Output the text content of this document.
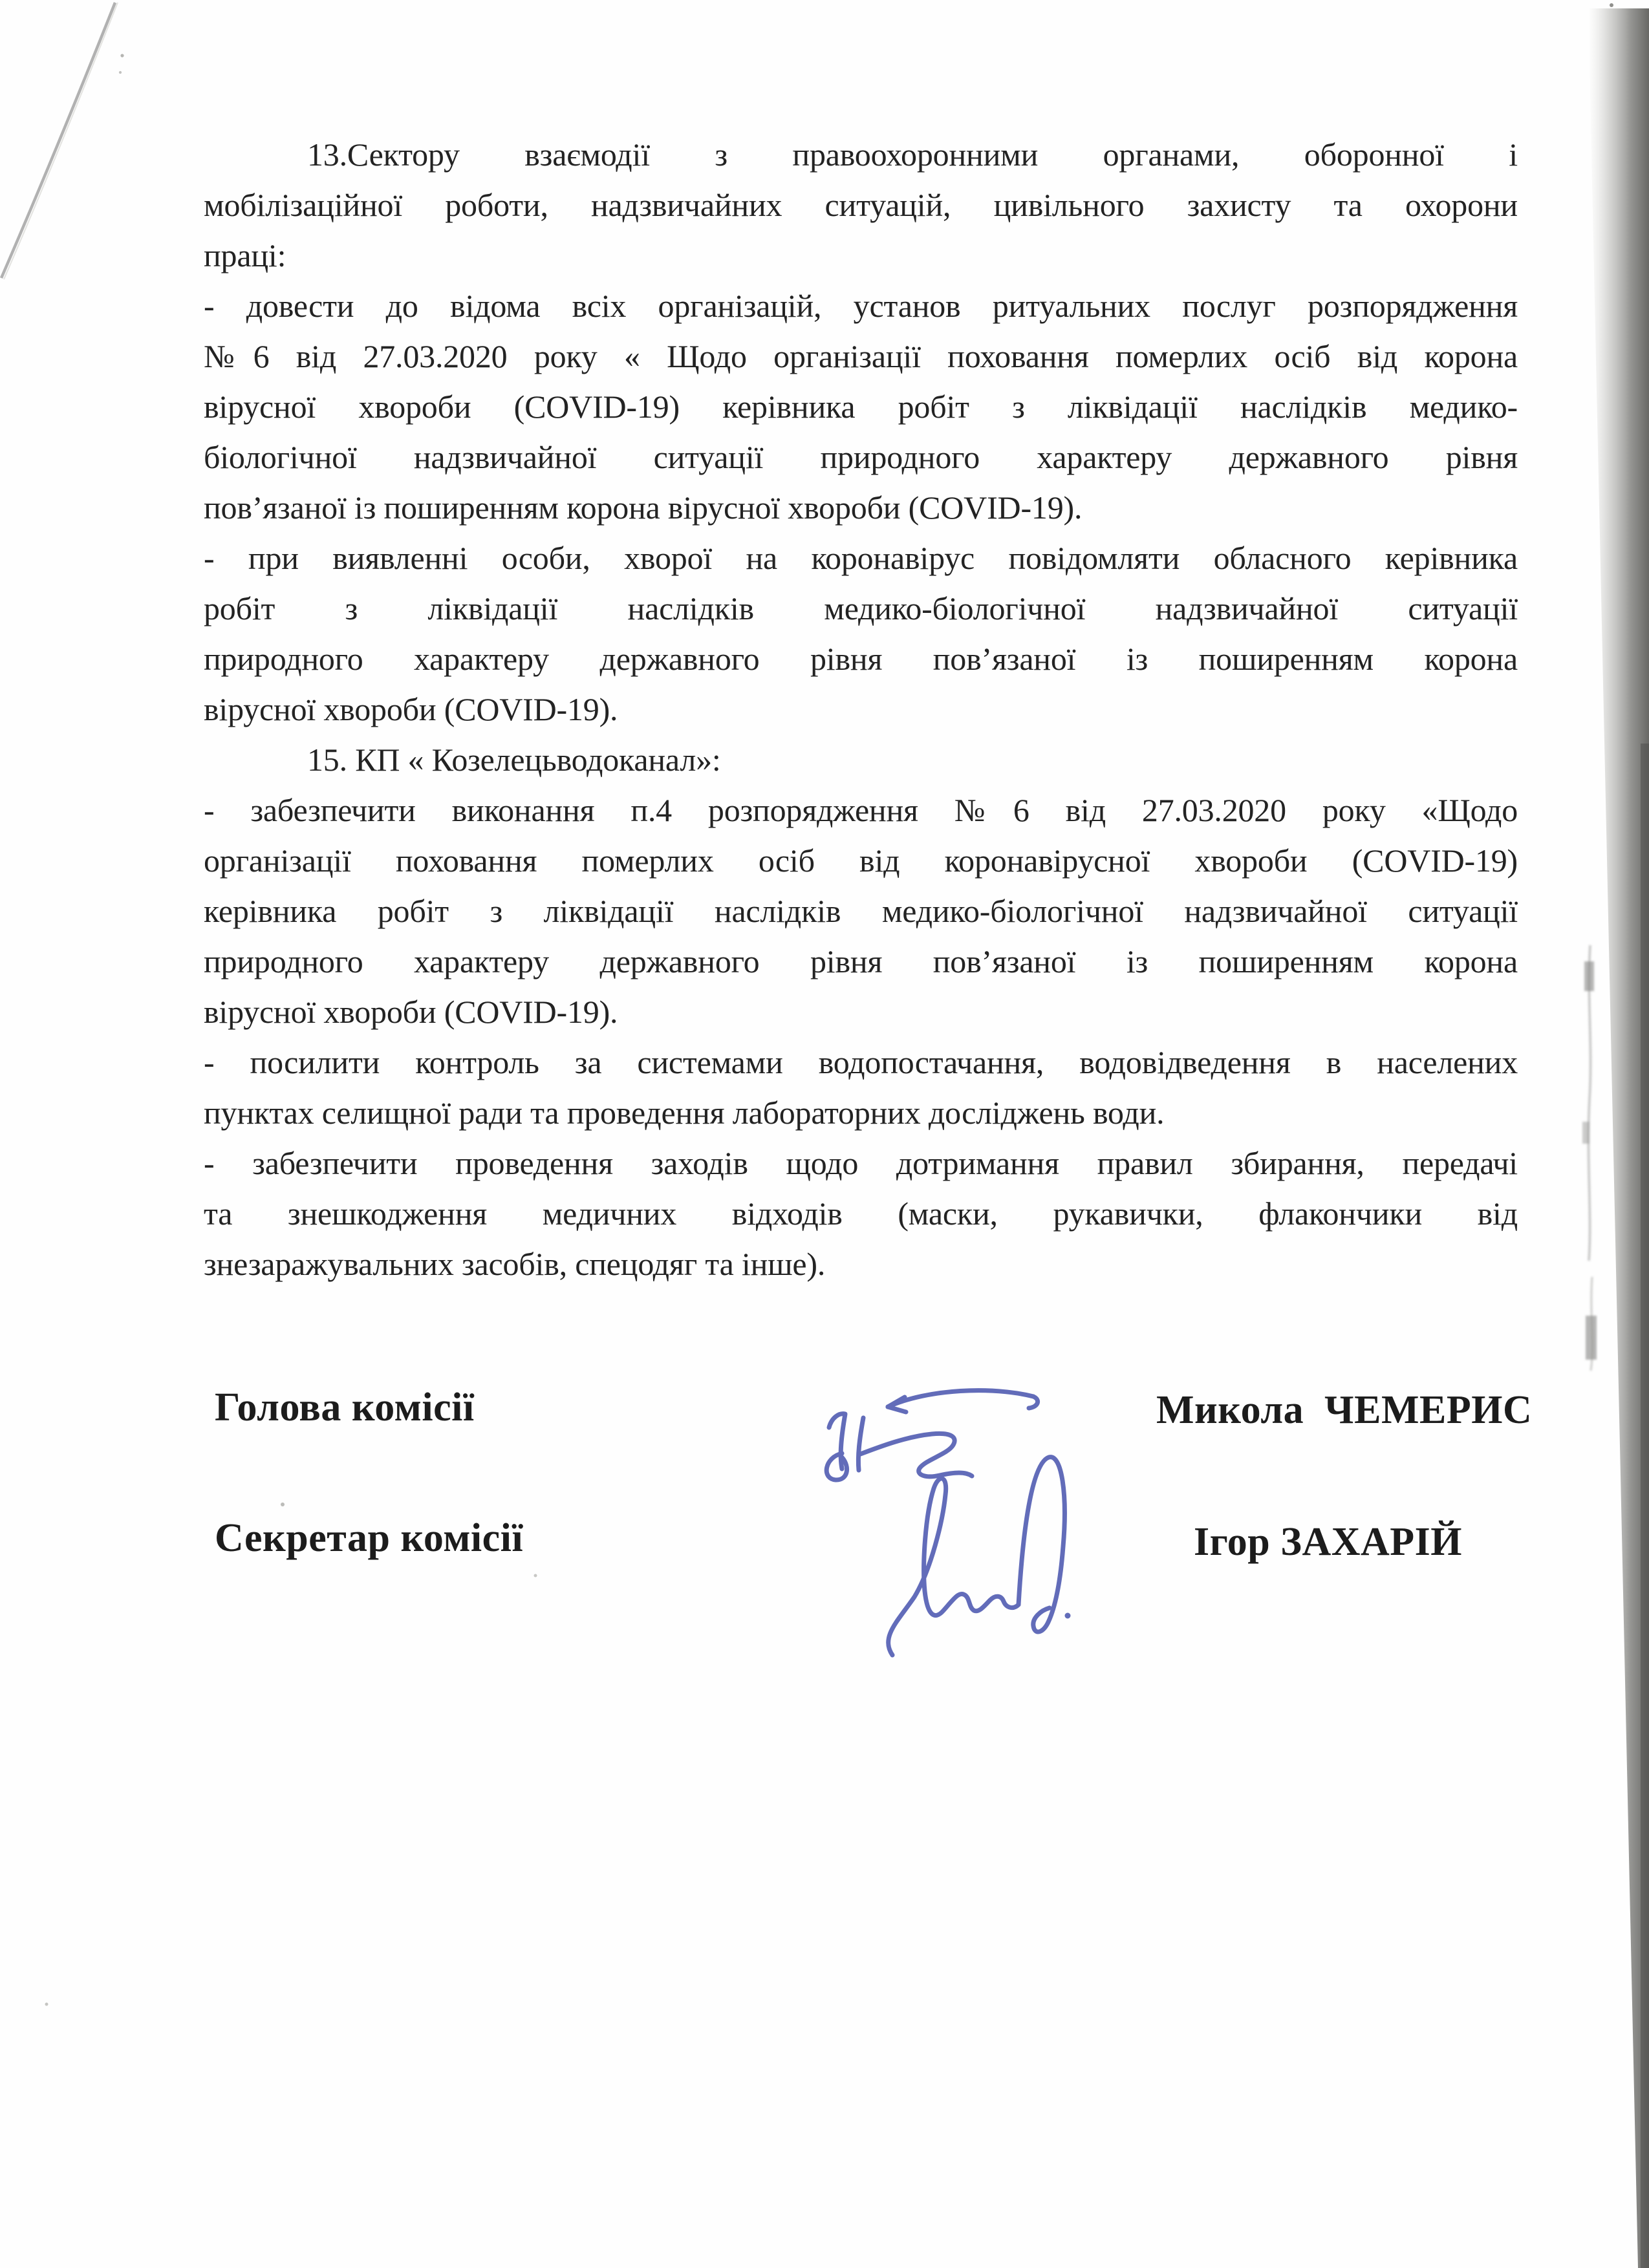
13.Сектору взаємодії з правоохоронними органами, оборонної і
мобілізаційної роботи, надзвичайних ситуацій, цивільного захисту та охорони
праці:
- довести до відома всіх організацій, установ ритуальних послуг розпорядження
№6 від 27.03.2020 року « Щодо організації поховання померлих осіб від корона
вірусної хвороби (COVID-19) керівника робіт з ліквідації наслідків медико-
біологічної надзвичайної ситуації природного характеру державного рівня
пов’язаної із поширенням корона вірусної хвороби (COVID-19).
- при виявленні особи, хворої на коронавірус повідомляти обласного керівника
робіт з ліквідації наслідків медико-біологічної надзвичайної ситуації
природного характеру державного рівня пов’язаної із поширенням корона
вірусної хвороби (COVID-19).
15. КП « Козелецьводоканал»:
- забезпечити виконання п.4 розпорядження №6 від 27.03.2020 року «Щодо
організації поховання померлих осіб від коронавірусної хвороби (COVID-19)
керівника робіт з ліквідації наслідків медико-біологічної надзвичайної ситуації
природного характеру державного рівня пов’язаної із поширенням корона
вірусної хвороби (COVID-19).
- посилити контроль за системами водопостачання, водовідведення в населених
пунктах селищної ради та проведення лабораторних досліджень води.
- забезпечити проведення заходів щодо дотримання правил збирання, передачі
та знешкодження медичних відходів (маски, рукавички, флакончики від
знезаражувальних засобів, спецодяг та інше).
Голова комісії	Микола  ЧЕМЕРИС
Секретар комісії	Ігор ЗАХАРІЙ
